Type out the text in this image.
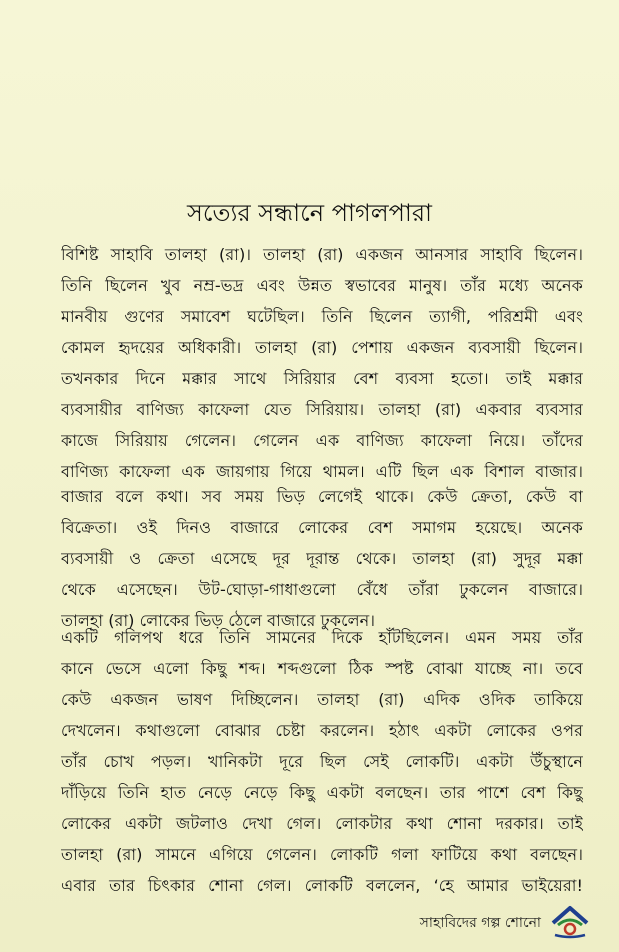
সত্যের সন্ধানে পাগলপারা
বিশিষ্ট সাহাবি তালহা (রা)। তালহা (রা) একজন আনসার সাহাবি ছিলেন।
তিনি ছিলেন খুব নম্র-ভদ্র এবং উন্নত স্বভাবের মানুষ। তাঁর মধ্যে অনেক
মানবীয় গুণের সমাবেশ ঘটেছিল। তিনি ছিলেন ত্যাগী, পরিশ্রমী এবং
কোমল হৃদয়ের অধিকারী। তালহা (রা) পেশায় একজন ব্যবসায়ী ছিলেন।
তখনকার দিনে মক্কার সাথে সিরিয়ার বেশ ব্যবসা হতো। তাই মক্কার
ব্যবসায়ীর বাণিজ্য কাফেলা যেত সিরিয়ায়। তালহা (রা) একবার ব্যবসার
কাজে সিরিয়ায় গেলেন। গেলেন এক বাণিজ্য কাফেলা নিয়ে। তাঁদের
বাণিজ্য কাফেলা এক জায়গায় গিয়ে থামল। এটি ছিল এক বিশাল বাজার।
বাজার বলে কথা। সব সময় ভিড় লেগেই থাকে। কেউ ক্রেতা, কেউ বা
বিক্রেতা। ওই দিনও বাজারে লোকের বেশ সমাগম হয়েছে। অনেক
ব্যবসায়ী ও ক্রেতা এসেছে দূর দূরান্ত থেকে। তালহা (রা) সুদূর মক্কা
থেকে এসেছেন। উট-ঘোড়া-গাধাগুলো বেঁধে তাঁরা ঢুকলেন বাজারে।
তালহা (রা) লোকের ভিড় ঠেলে বাজারে ঢুকলেন।
একটি গলিপথ ধরে তিনি সামনের দিকে হাঁটছিলেন। এমন সময় তাঁর
কানে ভেসে এলো কিছু শব্দ। শব্দগুলো ঠিক স্পষ্ট বোঝা যাচ্ছে না। তবে
কেউ একজন ভাষণ দিচ্ছিলেন। তালহা (রা) এদিক ওদিক তাকিয়ে
দেখলেন। কথাগুলো বোঝার চেষ্টা করলেন। হঠাৎ একটা লোকের ওপর
তাঁর চোখ পড়ল। খানিকটা দূরে ছিল সেই লোকটি। একটা উঁচুস্থানে
দাঁড়িয়ে তিনি হাত নেড়ে নেড়ে কিছু একটা বলছেন। তার পাশে বেশ কিছু
লোকের একটা জটলাও দেখা গেল। লোকটার কথা শোনা দরকার। তাই
তালহা (রা) সামনে এগিয়ে গেলেন। লোকটি গলা ফাটিয়ে কথা বলছেন।
এবার তার চিৎকার শোনা গেল। লোকটি বললেন, ‘হে আমার ভাইয়েরা!
সাহাবিদের গল্প শোনো
